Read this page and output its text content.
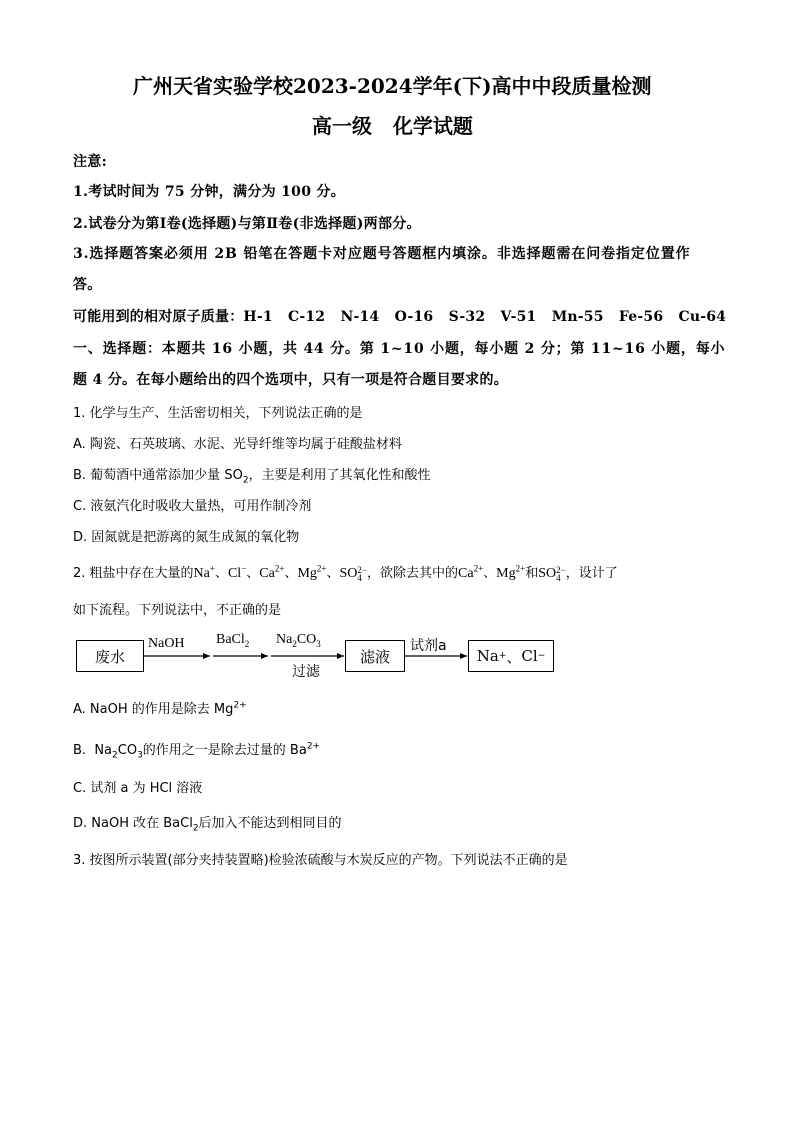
广州天省实验学校2023-2024学年(下)高中中段质量检测
高一级   化学试题
注意:
1.考试时间为 75 分钟，满分为 100 分。
2.试卷分为第Ⅰ卷(选择题)与第Ⅱ卷(非选择题)两部分。
3.选择题答案必须用 2B 铅笔在答题卡对应题号答题框内填涂。非选择题需在问卷指定位置作
答。
可能用到的相对原子质量：H-1   C-12   N-14   O-16   S-32   V-51   Mn-55   Fe-56   Cu-64
一、选择题：本题共 16 小题，共 44 分。第 1~10 小题，每小题 2 分；第 11~16 小题，每小
题 4 分。在每小题给出的四个选项中，只有一项是符合题目要求的。
1. 化学与生产、生活密切相关，下列说法正确的是
A. 陶瓷、石英玻璃、水泥、光导纤维等均属于硅酸盐材料
B. 葡萄酒中通常添加少量 $SO_2$，主要是利用了其氧化性和酸性
C. 液氨汽化时吸收大量热，可用作制冷剂
D. 固氮就是把游离的氮生成氮的氧化物
2. 粗盐中存在大量的Na+、Cl−、$Ca^{2+}$、$Mg^{2+}$、SO 2−
4 ，欲除去其中的$Ca^{2+}$、$Mg^{2+}$和SO 2−
4 ，设计了
如下流程。下列说法中，不正确的是
废水	滤液	Na + 、 Cl −
NaOH BaCl$_2$ $Na_2CO_3$
过滤
试剂a
A. NaOH 的作用是除去 $Mg^{2+}$
B.  $Na_2CO_3$的作用之一是除去过量的 $Ba^{2+}$
C. 试剂 a 为 HCl 溶液
D. NaOH 改在 BaCl$_2$后加入不能达到相同目的
3. 按图所示装置(部分夹持装置略)检验浓硫酸与木炭反应的产物。下列说法不正确的是
